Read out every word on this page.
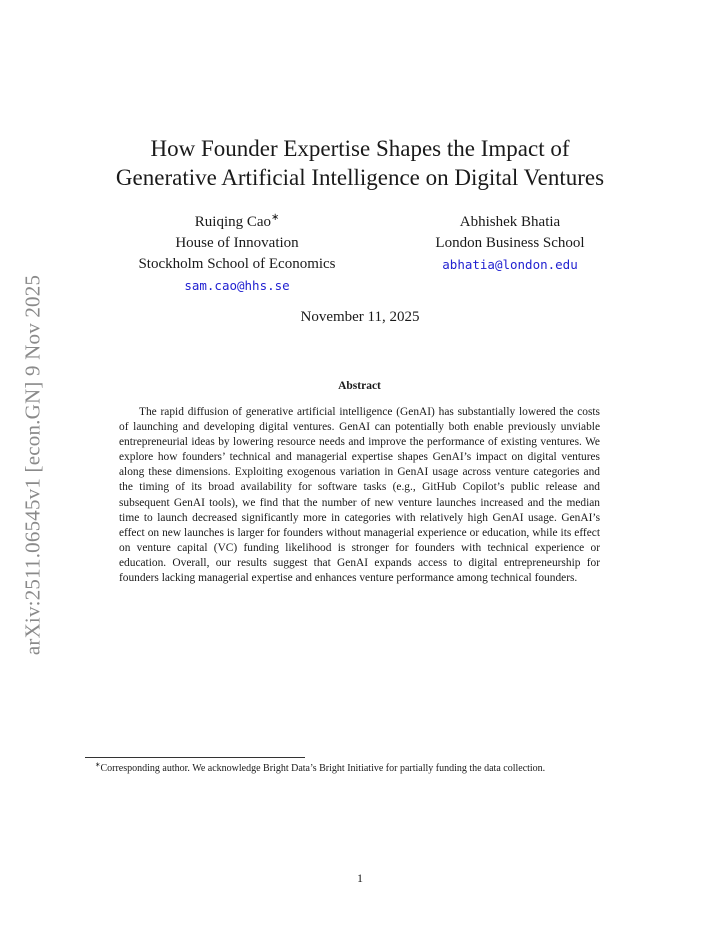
arXiv:2511.06545v1 [econ.GN] 9 Nov 2025
How Founder Expertise Shapes the Impact of
Generative Artificial Intelligence on Digital Ventures
Ruiqing Cao∗
House of Innovation
Stockholm School of Economics
sam.cao@hhs.se
Abhishek Bhatia
London Business School
abhatia@london.edu
November 11, 2025
Abstract
The rapid diffusion of generative artificial intelligence (GenAI) has substantially lowered the costs of launching and developing digital ventures. GenAI can potentially both enable previously unviable entrepreneurial ideas by lowering resource needs and improve the performance of existing ventures. We explore how founders’ technical and managerial expertise shapes GenAI’s impact on digital ventures along these dimensions. Exploiting exogenous variation in GenAI usage across venture categories and the timing of its broad availability for software tasks (e.g., GitHub Copilot’s public release and subsequent GenAI tools), we find that the number of new venture launches increased and the median time to launch decreased significantly more in categories with relatively high GenAI usage. GenAI’s effect on new launches is larger for founders without managerial experience or education, while its effect on venture capital (VC) funding likelihood is stronger for founders with technical experience or education. Overall, our results suggest that GenAI expands access to digital entrepreneurship for founders lacking managerial expertise and enhances venture performance among technical founders.
∗Corresponding author. We acknowledge Bright Data’s Bright Initiative for partially funding the data collection.
1
